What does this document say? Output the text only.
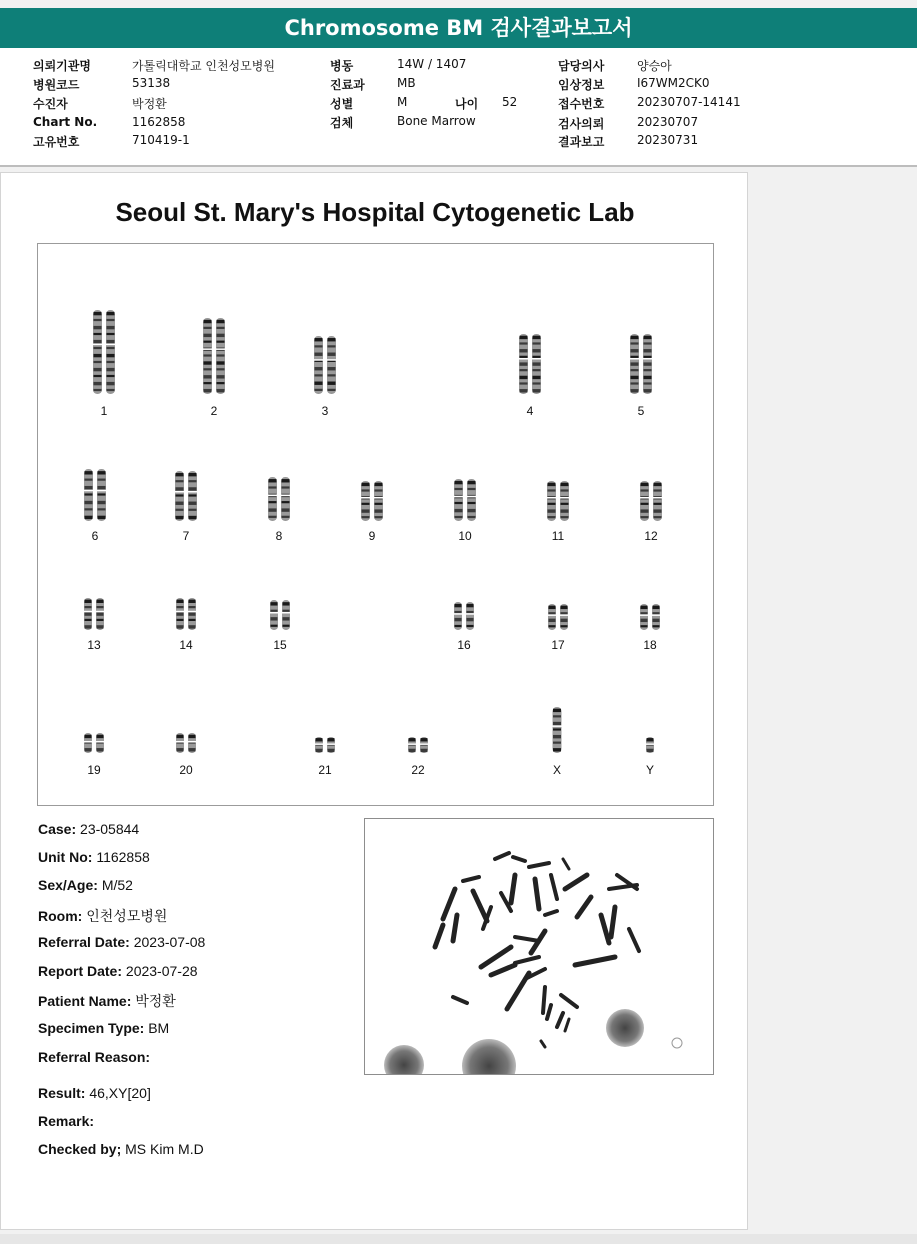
Chromosome BM 검사결과보고서
의뢰기관명	가톨릭대학교 인천성모병원
병원코드	53138
수진자	박정환
Chart No.	1162858
고유번호	710419-1
병동	14W / 1407
진료과	MB
성별	M	나이 52
검체	Bone Marrow
담당의사	양승아
임상정보	I67WM2CK0
접수번호	20230707-14141
검사의뢰	20230707
결과보고	20230731
Seoul St. Mary's Hospital Cytogenetic Lab
1	2	3	4	5
6	7	8	9	10	11	12
13	14	15	16	17	18
19	20	21	22	X	Y
Case: 23-05844
Unit No: 1162858
Sex/Age: M/52
Room: 인천성모병원
Referral Date: 2023-07-08
Report Date: 2023-07-28
Patient Name: 박정환
Specimen Type: BM
Referral Reason:
Result: 46,XY[20]
Remark:
Checked by; MS Kim M.D
